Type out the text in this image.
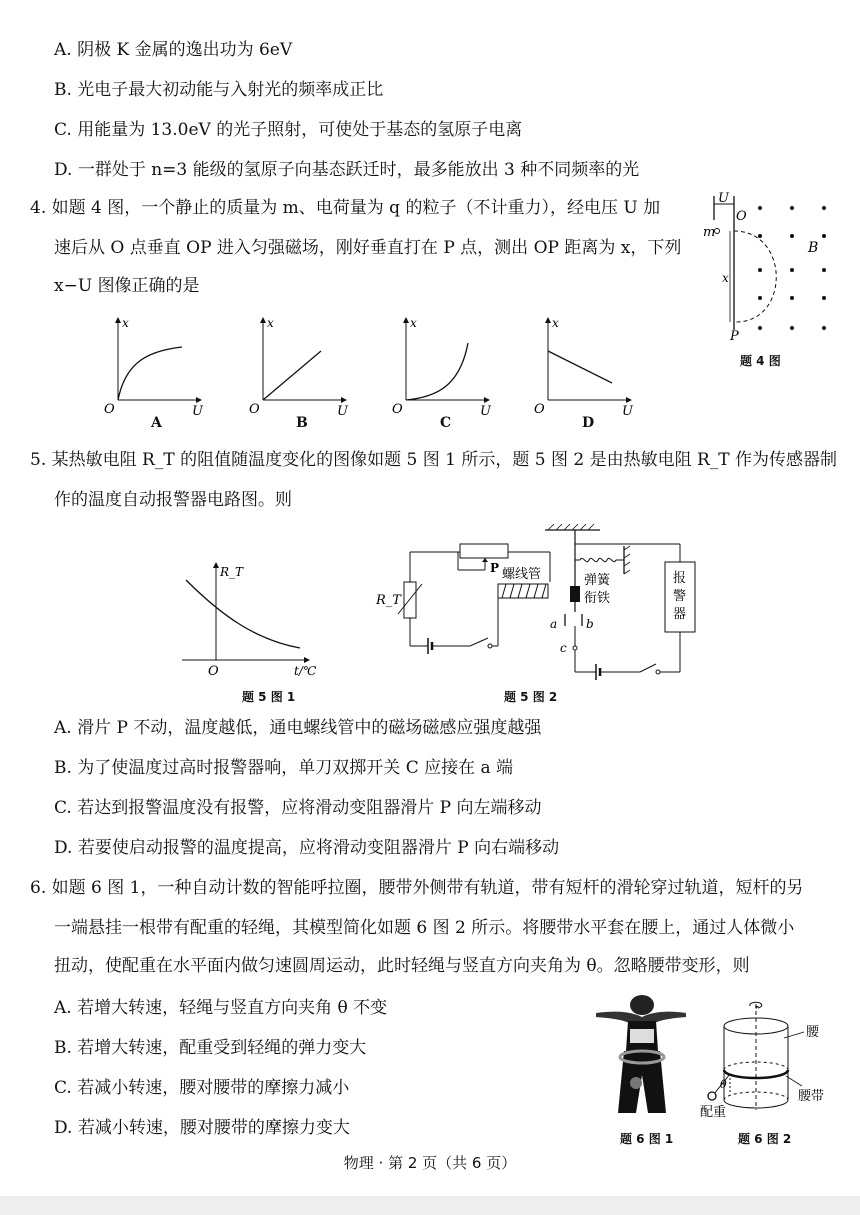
A. 阴极 K 金属的逸出功为 6eV
B. 光电子最大初动能与入射光的频率成正比
C. 用能量为 13.0eV 的光子照射，可使处于基态的氢原子电离
D. 一群处于 n=3 能级的氢原子向基态跃迁时，最多能放出 3 种不同频率的光
4. 如题 4 图，一个静止的质量为 m、电荷量为 q 的粒子（不计重力），经电压 U 加
速后从 O 点垂直 OP 进入匀强磁场，刚好垂直打在 P 点，测出 OP 距离为 x，下列
x−U 图像正确的是
U
m
O
x
P
B
题 4 图
x
O	U
A
x
O	U
B
x
O	U
C
x
O	U
D
5. 某热敏电阻 R_T 的阻值随温度变化的图像如题 5 图 1 所示，题 5 图 2 是由热敏电阻 R_T 作为传感器制
作的温度自动报警器电路图。则
R_T
O	t/℃
题 5 图 1
P
R_T
螺线管	弹簧
衔铁
a b
c
报
警
器
题 5 图 2
A. 滑片 P 不动，温度越低，通电螺线管中的磁场磁感应强度越强
B. 为了使温度过高时报警器响，单刀双掷开关 C 应接在 a 端
C. 若达到报警温度没有报警，应将滑动变阻器滑片 P 向左端移动
D. 若要使启动报警的温度提高，应将滑动变阻器滑片 P 向右端移动
6. 如题 6 图 1，一种自动计数的智能呼拉圈，腰带外侧带有轨道，带有短杆的滑轮穿过轨道，短杆的另
一端悬挂一根带有配重的轻绳，其模型简化如题 6 图 2 所示。将腰带水平套在腰上，通过人体微小
扭动，使配重在水平面内做匀速圆周运动，此时轻绳与竖直方向夹角为 θ。忽略腰带变形，则
A. 若增大转速，轻绳与竖直方向夹角 θ 不变
B. 若增大转速，配重受到轻绳的弹力变大
C. 若减小转速，腰对腰带的摩擦力减小
D. 若减小转速，腰对腰带的摩擦力变大
题 6 图 1
θ
腰
腰带
配重
题 6 图 2
物理 · 第 2 页（共 6 页）
